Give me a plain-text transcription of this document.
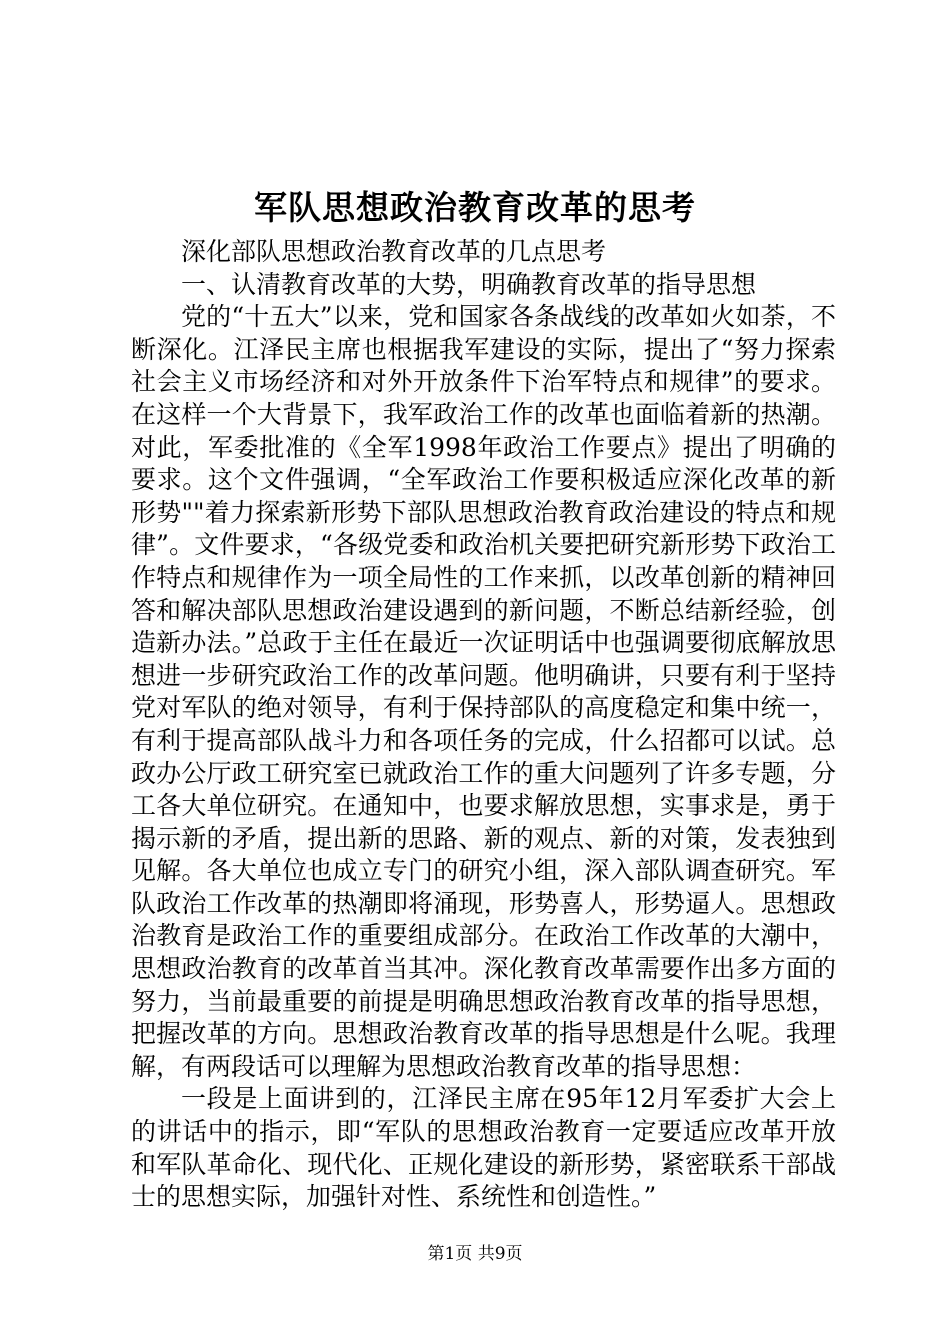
军队思想政治教育改革的思考

深化部队思想政治教育改革的几点思考

一、认清教育改革的大势，明确教育改革的指导思想

党的“十五大”以来，党和国家各条战线的改革如火如荼，不断深化。江泽民主席也根据我军建设的实际，提出了“努力探索社会主义市场经济和对外开放条件下治军特点和规律”的要求。在这样一个大背景下，我军政治工作的改革也面临着新的热潮。对此，军委批准的《全军1998年政治工作要点》提出了明确的要求。这个文件强调，“全军政治工作要积极适应深化改革的新形势""着力探索新形势下部队思想政治教育政治建设的特点和规律”。文件要求，“各级党委和政治机关要把研究新形势下政治工作特点和规律作为一项全局性的工作来抓，以改革创新的精神回答和解决部队思想政治建设遇到的新问题，不断总结新经验，创造新办法。”总政于主任在最近一次证明话中也强调要彻底解放思想进一步研究政治工作的改革问题。他明确讲，只要有利于坚持党对军队的绝对领导，有利于保持部队的高度稳定和集中统一，有利于提高部队战斗力和各项任务的完成，什么招都可以试。总政办公厅政工研究室已就政治工作的重大问题列了许多专题，分工各大单位研究。在通知中，也要求解放思想，实事求是，勇于揭示新的矛盾，提出新的思路、新的观点、新的对策，发表独到见解。各大单位也成立专门的研究小组，深入部队调查研究。军队政治工作改革的热潮即将涌现，形势喜人，形势逼人。思想政治教育是政治工作的重要组成部分。在政治工作改革的大潮中，思想政治教育的改革首当其冲。深化教育改革需要作出多方面的努力，当前最重要的前提是明确思想政治教育改革的指导思想，把握改革的方向。思想政治教育改革的指导思想是什么呢。我理解，有两段话可以理解为思想政治教育改革的指导思想：

一段是上面讲到的，江泽民主席在95年12月军委扩大会上的讲话中的指示，即“军队的思想政治教育一定要适应改革开放和军队革命化、现代化、正规化建设的新形势，紧密联系干部战士的思想实际，加强针对性、系统性和创造性。”

第1页 共9页
